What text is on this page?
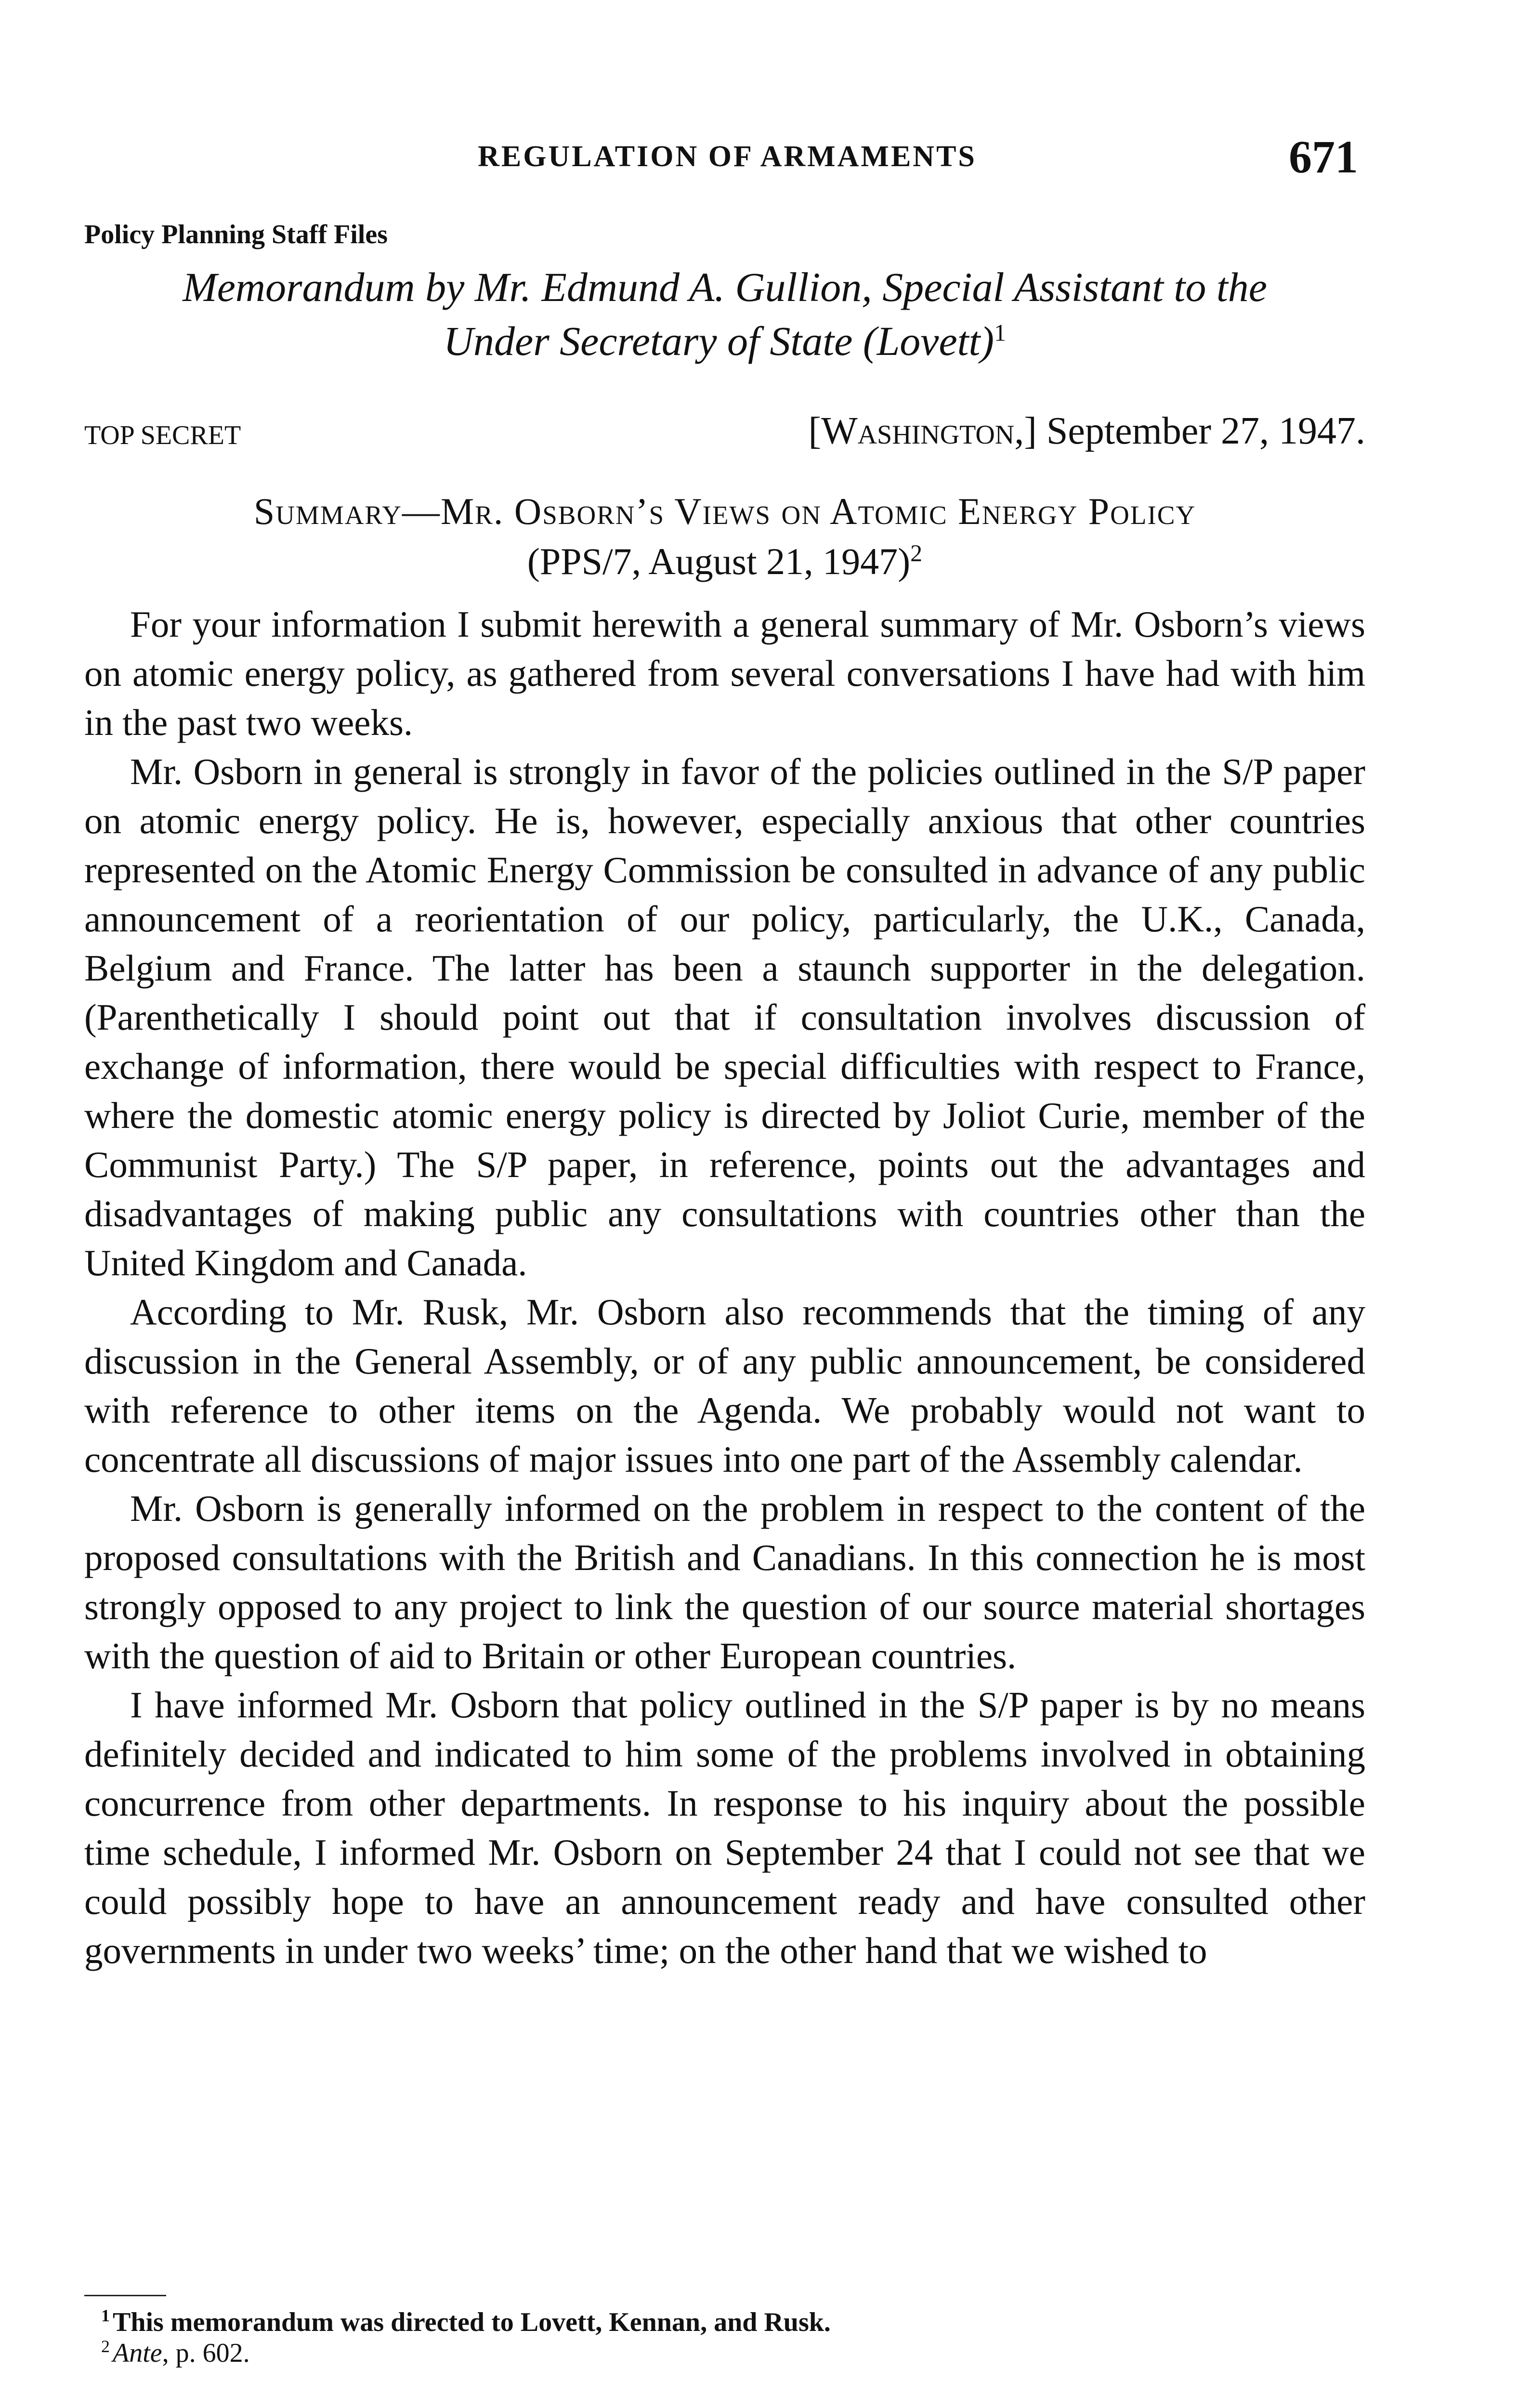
REGULATION OF ARMAMENTS	671
Policy Planning Staff Files
Memorandum by Mr. Edmund A. Gullion, Special Assistant to the
Under Secretary of State (Lovett)$^1$
TOP SECRET	[Washington,] September 27, 1947.
Summary—Mr. Osborn’s Views on Atomic Energy Policy
(PPS/7, August 21, 1947)$^2$

For your information I submit herewith a general summary of Mr. Osborn’s views on atomic energy policy, as gathered from several conversations I have had with him in the past two weeks.

Mr. Osborn in general is strongly in favor of the policies outlined in the S/P paper on atomic energy policy. He is, however, especially anxious that other countries represented on the Atomic Energy Commission be consulted in advance of any public announcement of a reorientation of our policy, particularly, the U.K., Canada, Belgium and France. The latter has been a staunch supporter in the delegation. (Parenthetically I should point out that if consultation involves discussion of exchange of information, there would be special difficulties with respect to France, where the domestic atomic energy policy is directed by Joliot Curie, member of the Communist Party.) The S/P paper, in reference, points out the advantages and disadvantages of making public any consultations with countries other than the United Kingdom and Canada.

According to Mr. Rusk, Mr. Osborn also recommends that the timing of any discussion in the General Assembly, or of any public announcement, be considered with reference to other items on the Agenda. We probably would not want to concentrate all discussions of major issues into one part of the Assembly calendar.

Mr. Osborn is generally informed on the problem in respect to the content of the proposed consultations with the British and Canadians. In this connection he is most strongly opposed to any project to link the question of our source material shortages with the question of aid to Britain or other European countries.

I have informed Mr. Osborn that policy outlined in the S/P paper is by no means definitely decided and indicated to him some of the problems involved in obtaining concurrence from other departments. In response to his inquiry about the possible time schedule, I informed Mr. Osborn on September 24 that I could not see that we could possibly hope to have an announcement ready and have consulted other governments in under two weeks’ time; on the other hand that we wished to

$^1$ This memorandum was directed to Lovett, Kennan, and Rusk.

$^2$ Ante, p. 602.
